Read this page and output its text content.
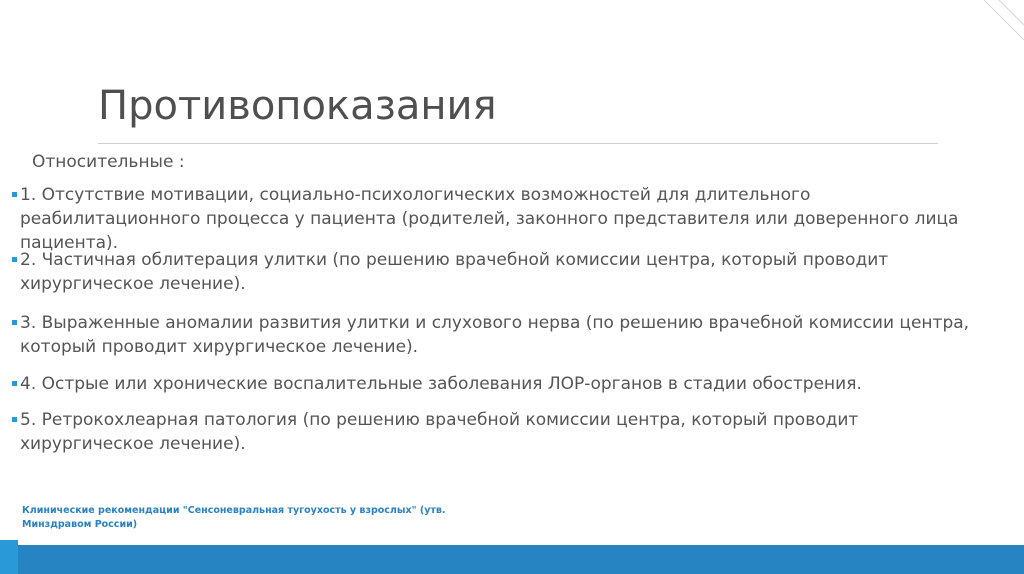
Противопоказания
Относительные :
1. Отсутствие мотивации, социально-психологических возможностей для длительного реабилитационного процесса у пациента (родителей, законного представителя или доверенного лица пациента).
2. Частичная облитерация улитки (по решению врачебной комиссии центра, который проводит хирургическое лечение).
3. Выраженные аномалии развития улитки и слухового нерва (по решению врачебной комиссии центра, который проводит хирургическое лечение).
4. Острые или хронические воспалительные заболевания ЛОР-органов в стадии обострения.
5. Ретрокохлеарная патология (по решению врачебной комиссии центра, который проводит хирургическое лечение).
Клинические рекомендации "Сенсоневральная тугоухость у взрослых" (утв. Минздравом России)
